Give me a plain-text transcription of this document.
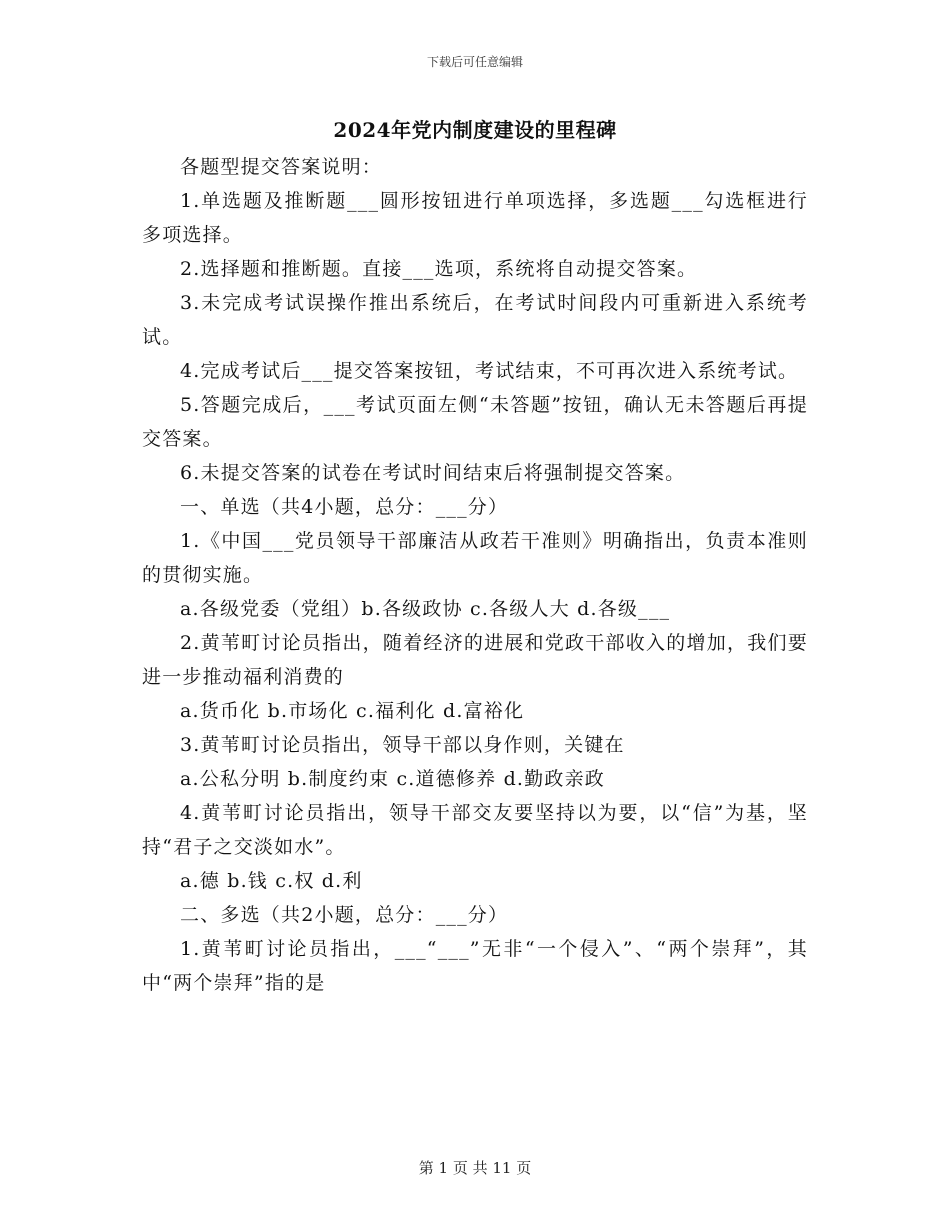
下载后可任意编辑
2024年党内制度建设的里程碑

各题型提交答案说明：

1.单选题及推断题___圆形按钮进行单项选择，多选题___勾选框进行多项选择。

2.选择题和推断题。直接___选项，系统将自动提交答案。

3.未完成考试误操作推出系统后，在考试时间段内可重新进入系统考试。

4.完成考试后___提交答案按钮，考试结束，不可再次进入系统考试。

5.答题完成后，___考试页面左侧“未答题”按钮，确认无未答题后再提交答案。

6.未提交答案的试卷在考试时间结束后将强制提交答案。

一、单选（共4小题，总分：___分）

1.《中国___党员领导干部廉洁从政若干准则》明确指出，负责本准则的贯彻实施。

a.各级党委（党组）b.各级政协 c.各级人大 d.各级___

2.黄苇町讨论员指出，随着经济的进展和党政干部收入的增加，我们要进一步推动福利消费的

a.货币化 b.市场化 c.福利化 d.富裕化

3.黄苇町讨论员指出，领导干部以身作则，关键在

a.公私分明 b.制度约束 c.道德修养 d.勤政亲政

4.黄苇町讨论员指出，领导干部交友要坚持以为要，以“信”为基，坚持“君子之交淡如水”。

a.德 b.钱 c.权 d.利

二、多选（共2小题，总分：___分）

1.黄苇町讨论员指出，___“___”无非“一个侵入”、“两个崇拜”，其中“两个崇拜”指的是

第 1 页 共 11 页
